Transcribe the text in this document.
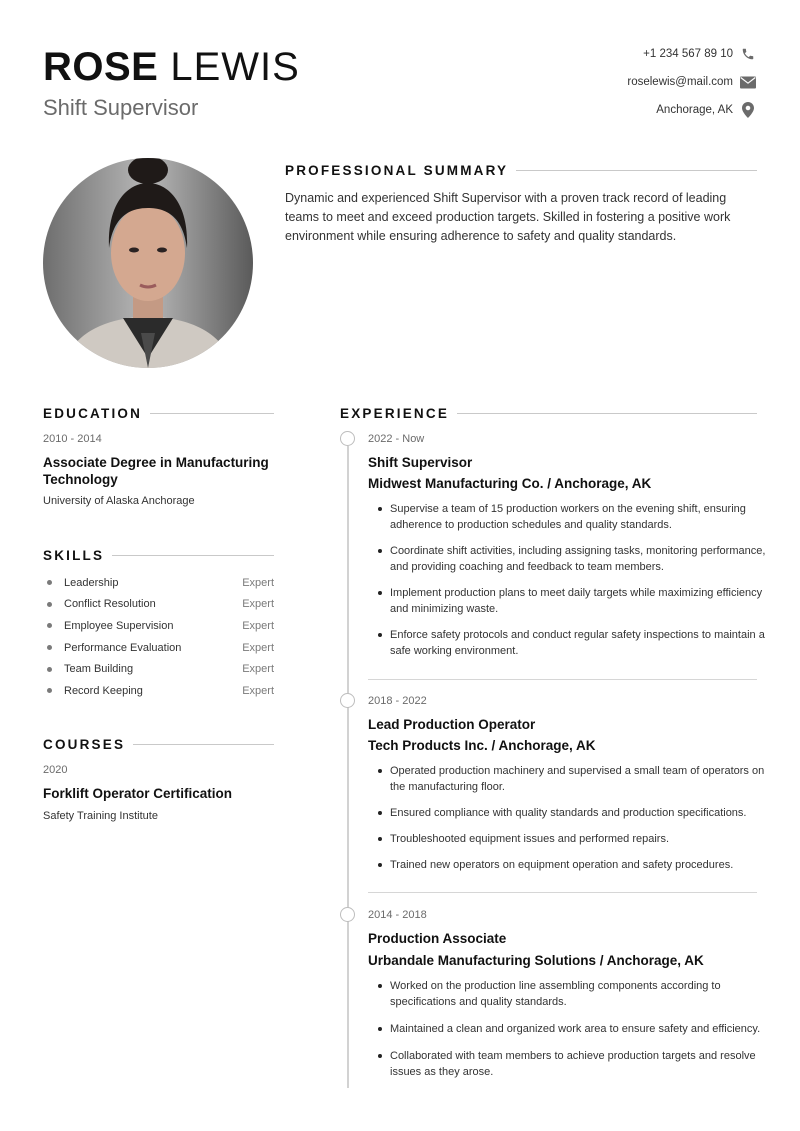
ROSE LEWIS
Shift Supervisor
+1 234 567 89 10
roselewis@mail.com
Anchorage, AK
PROFESSIONAL SUMMARY
Dynamic and experienced Shift Supervisor with a proven track record of leading teams to meet and exceed production targets. Skilled in fostering a positive work environment while ensuring adherence to safety and quality standards.
EDUCATION
2010 - 2014
Associate Degree in Manufacturing Technology
University of Alaska Anchorage
SKILLS
Leadership	Expert
Conflict Resolution	Expert
Employee Supervision	Expert
Performance Evaluation	Expert
Team Building	Expert
Record Keeping	Expert
COURSES
2020
Forklift Operator Certification
Safety Training Institute
EXPERIENCE
2022 - Now
Shift Supervisor
Midwest Manufacturing Co. / Anchorage, AK
Supervise a team of 15 production workers on the evening shift, ensuring adherence to production schedules and quality standards.
Coordinate shift activities, including assigning tasks, monitoring performance, and providing coaching and feedback to team members.
Implement production plans to meet daily targets while maximizing efficiency and minimizing waste.
Enforce safety protocols and conduct regular safety inspections to maintain a safe working environment.
2018 - 2022
Lead Production Operator
Tech Products Inc. / Anchorage, AK
Operated production machinery and supervised a small team of operators on the manufacturing floor.
Ensured compliance with quality standards and production specifications.
Troubleshooted equipment issues and performed repairs.
Trained new operators on equipment operation and safety procedures.
2014 - 2018
Production Associate
Urbandale Manufacturing Solutions / Anchorage, AK
Worked on the production line assembling components according to specifications and quality standards.
Maintained a clean and organized work area to ensure safety and efficiency.
Collaborated with team members to achieve production targets and resolve issues as they arose.
